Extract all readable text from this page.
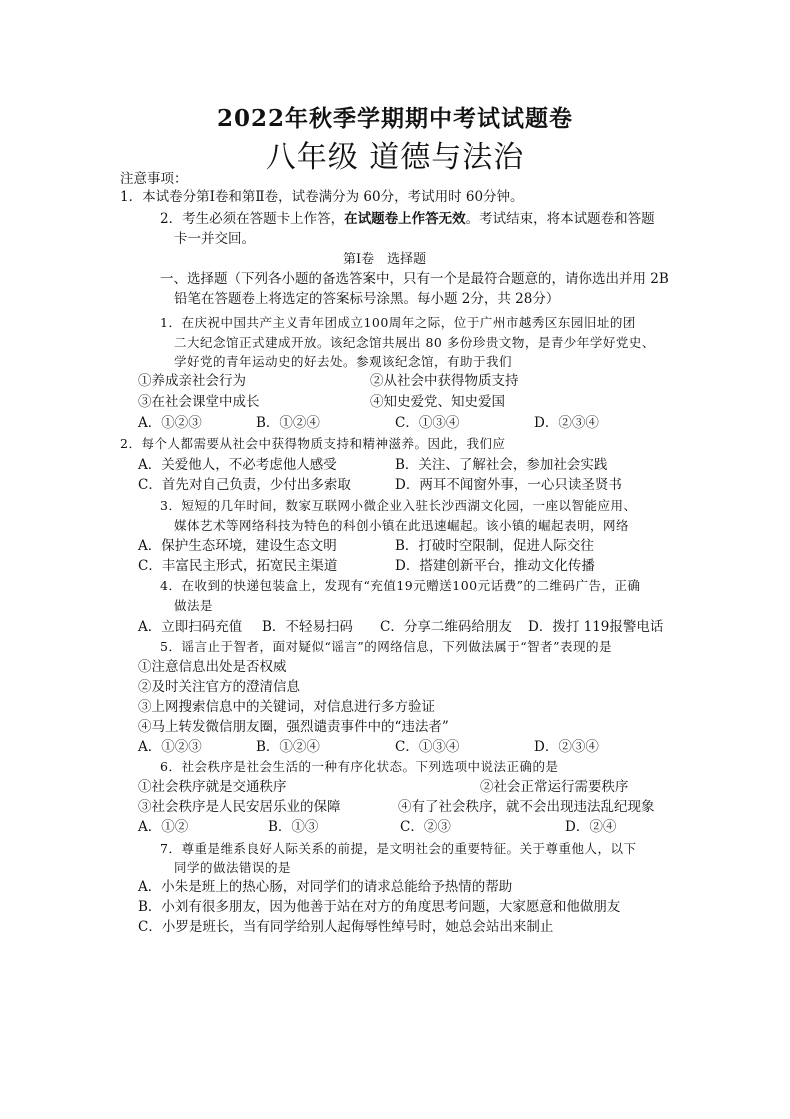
2022年秋季学期期中考试试题卷
八年级 道德与法治
注意事项：
1．本试卷分第Ⅰ卷和第Ⅱ卷，试卷满分为 60分，考试用时 60分钟。
2．考生必须在答题卡上作答，在试题卷上作答无效。考试结束，将本试题卷和答题
卡一并交回。
第Ⅰ卷　选择题
一、选择题（下列各小题的备选答案中，只有一个是最符合题意的，请你选出并用 2B
铅笔在答题卷上将选定的答案标号涂黑。每小题 2分，共 28分）
1．在庆祝中国共产主义青年团成立100周年之际，位于广州市越秀区东园旧址的团
二大纪念馆正式建成开放。该纪念馆共展出 80 多份珍贵文物，是青少年学好党史、
学好党的青年运动史的好去处。参观该纪念馆，有助于我们
①养成亲社会行为	②从社会中获得物质支持
③在社会课堂中成长	④知史爱党、知史爱国
A．①②③	B．①②④	C．①③④	D．②③④
2．每个人都需要从社会中获得物质支持和精神滋养。因此，我们应
A．关爱他人，不必考虑他人感受	B．关注、了解社会，参加社会实践
C．首先对自己负责，少付出多索取	D．两耳不闻窗外事，一心只读圣贤书
3．短短的几年时间，数家互联网小微企业入驻长沙西湖文化园，一座以智能应用、
媒体艺术等网络科技为特色的科创小镇在此迅速崛起。该小镇的崛起表明，网络
A．保护生态环境，建设生态文明	B．打破时空限制，促进人际交往
C．丰富民主形式，拓宽民主渠道	D．搭建创新平台，推动文化传播
4．在收到的快递包装盒上，发现有“充值19元赠送100元话费”的二维码广告，正确
做法是
A．立即扫码充值 B．不轻易扫码 C．分享二维码给朋友 D．拨打 119报警电话
5．谣言止于智者，面对疑似“谣言”的网络信息，下列做法属于“智者”表现的是
①注意信息出处是否权威
②及时关注官方的澄清信息
③上网搜索信息中的关键词，对信息进行多方验证
④马上转发微信朋友圈，强烈谴责事件中的“违法者”
A．①②③	B．①②④	C．①③④	D．②③④
6．社会秩序是社会生活的一种有序化状态。下列选项中说法正确的是
①社会秩序就是交通秩序	②社会正常运行需要秩序
③社会秩序是人民安居乐业的保障	④有了社会秩序，就不会出现违法乱纪现象
A．①②	B．①③	C．②③	D．②④
7．尊重是维系良好人际关系的前提，是文明社会的重要特征。关于尊重他人，以下
同学的做法错误的是
A．小朱是班上的热心肠，对同学们的请求总能给予热情的帮助
B．小刘有很多朋友，因为他善于站在对方的角度思考问题，大家愿意和他做朋友
C．小罗是班长，当有同学给别人起侮辱性绰号时，她总会站出来制止
